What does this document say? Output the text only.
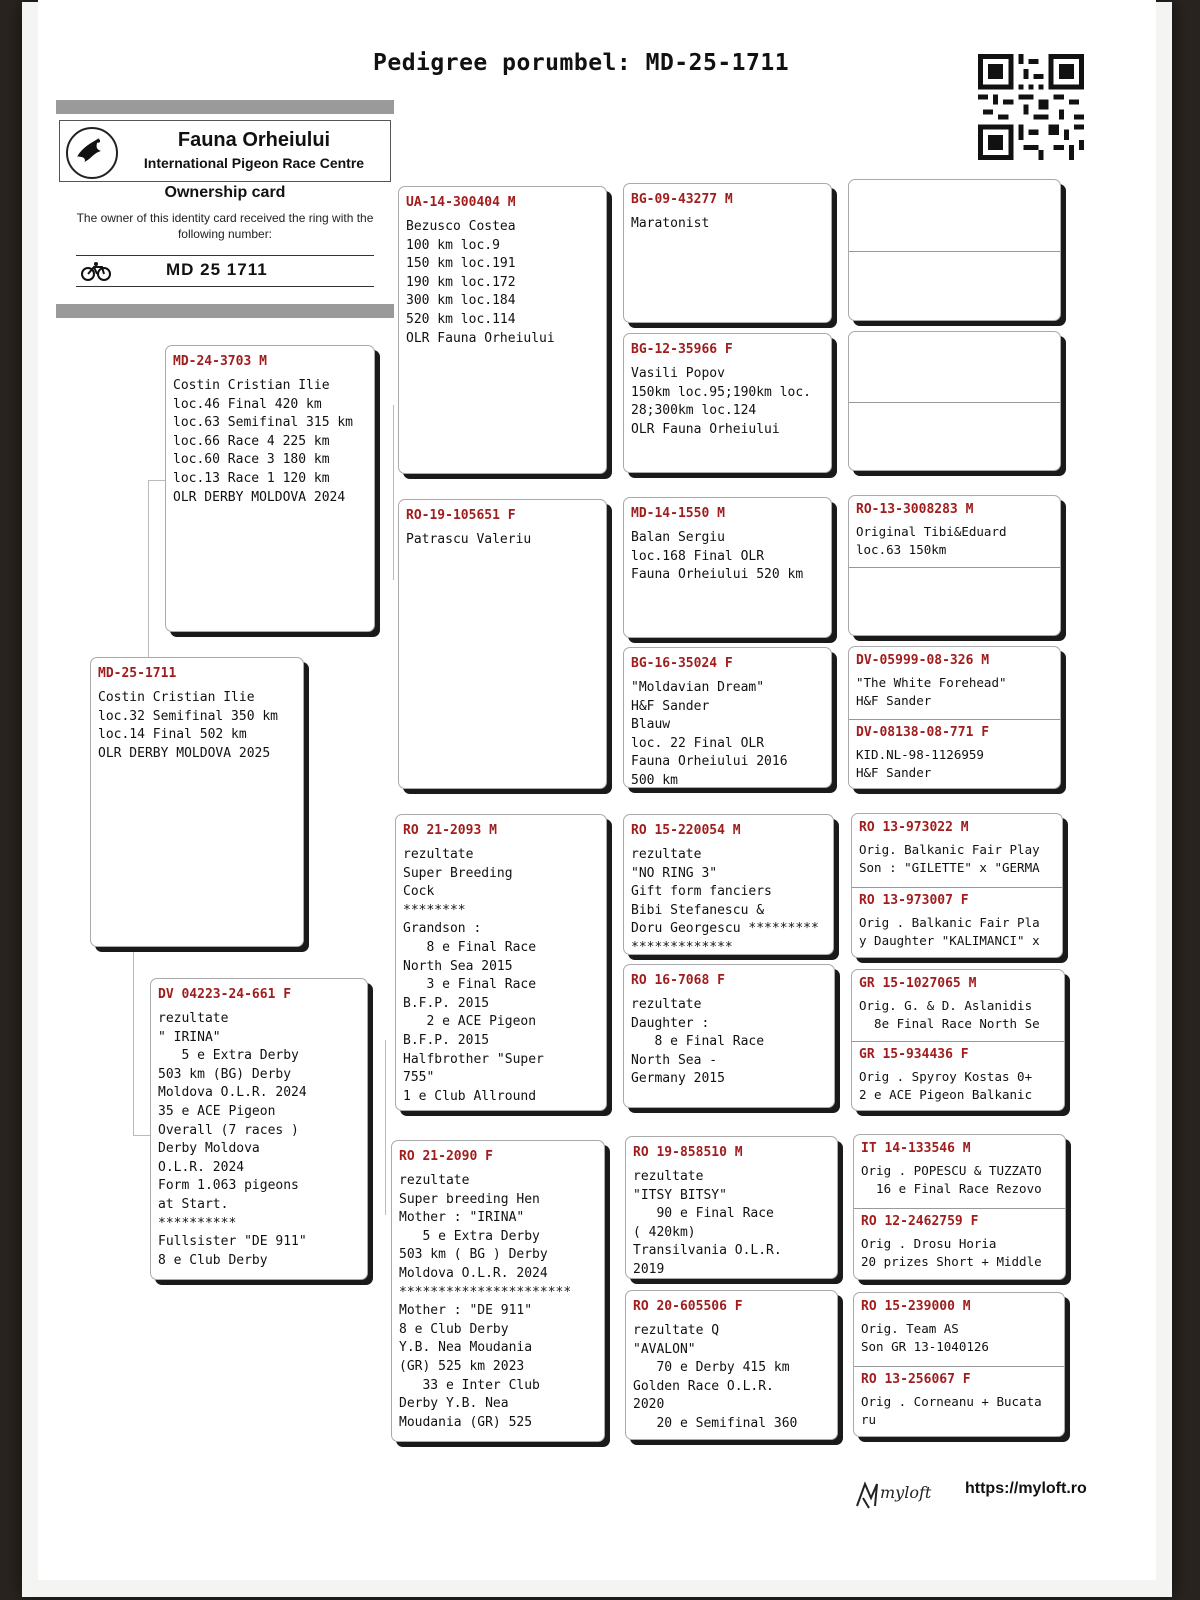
Pedigree porumbel: MD-25-1711
Fauna Orheiului
International Pigeon Race Centre
Ownership card
The owner of this identity card received the ring with the following number:
MD 25 1711
MD-25-1711
Costin Cristian Ilie
loc.32 Semifinal 350 km
loc.14 Final 502 km
OLR DERBY MOLDOVA 2025
MD-24-3703 M
Costin Cristian Ilie
loc.46 Final 420 km
loc.63 Semifinal 315 km
loc.66 Race 4 225 km
loc.60 Race 3 180 km
loc.13 Race 1 120 km
OLR DERBY MOLDOVA 2024
DV 04223-24-661 F
rezultate
" IRINA"
5 e Extra Derby
503 km (BG) Derby
Moldova O.L.R. 2024
35 e ACE Pigeon
Overall (7 races )
Derby Moldova
O.L.R. 2024
Form 1.063 pigeons
at Start.
**********
Fullsister "DE 911"
8 e Club Derby
UA-14-300404 M
Bezusco Costea
100 km loc.9
150 km loc.191
190 km loc.172
300 km loc.184
520 km loc.114
OLR Fauna Orheiului
RO-19-105651 F
Patrascu Valeriu
RO 21-2093 M
rezultate
Super Breeding
Cock
********
Grandson :
8 e Final Race
North Sea 2015
3 e Final Race
B.F.P. 2015
2 e ACE Pigeon
B.F.P. 2015
Halfbrother "Super
755"
1 e Club Allround
RO 21-2090 F
rezultate
Super breeding Hen
Mother : "IRINA"
5 e Extra Derby
503 km ( BG ) Derby
Moldova O.L.R. 2024
**********************
Mother : "DE 911"
8 e Club Derby
Y.B. Nea Moudania
(GR) 525 km 2023
33 e Inter Club
Derby Y.B. Nea
Moudania (GR) 525
BG-09-43277 M
Maratonist
BG-12-35966 F
Vasili Popov
150km loc.95;190km loc.
28;300km loc.124
OLR Fauna Orheiului
MD-14-1550 M
Balan Sergiu
loc.168 Final OLR
Fauna Orheiului 520 km
BG-16-35024 F
"Moldavian Dream"
H&F Sander
Blauw
loc. 22 Final OLR
Fauna Orheiului 2016
500 km
RO 15-220054 M
rezultate
"NO RING 3"
Gift form fanciers
Bibi Stefanescu &
Doru Georgescu *********
*************
RO 16-7068 F
rezultate
Daughter :
8 e Final Race
North Sea -
Germany 2015
RO 19-858510 M
rezultate
"ITSY BITSY"
90 e Final Race
( 420km)
Transilvania O.L.R.
2019
RO 20-605506 F
rezultate Q
"AVALON"
70 e Derby 415 km
Golden Race O.L.R.
2020
20 e Semifinal 360
RO-13-3008283 M
Original Tibi&Eduard
loc.63 150km
DV-05999-08-326 M
"The White Forehead"
H&F Sander
DV-08138-08-771 F
KID.NL-98-1126959
H&F Sander
RO 13-973022 M
Orig. Balkanic Fair Play
Son : "GILETTE" x "GERMA
RO 13-973007 F
Orig . Balkanic Fair Pla
y Daughter "KALIMANCI" x
GR 15-1027065 M
Orig. G. & D. Aslanidis
8e Final Race North Se
GR 15-934436 F
Orig . Spyroy Kostas 0+
2 e ACE Pigeon Balkanic
IT 14-133546 M
Orig . POPESCU & TUZZATO
16 e Final Race Rezovo
RO 12-2462759 F
Orig . Drosu Horia
20 prizes Short + Middle
RO 15-239000 M
Orig. Team AS
Son GR 13-1040126
RO 13-256067 F
Orig . Corneanu + Bucata
ru
myloft https://myloft.ro
